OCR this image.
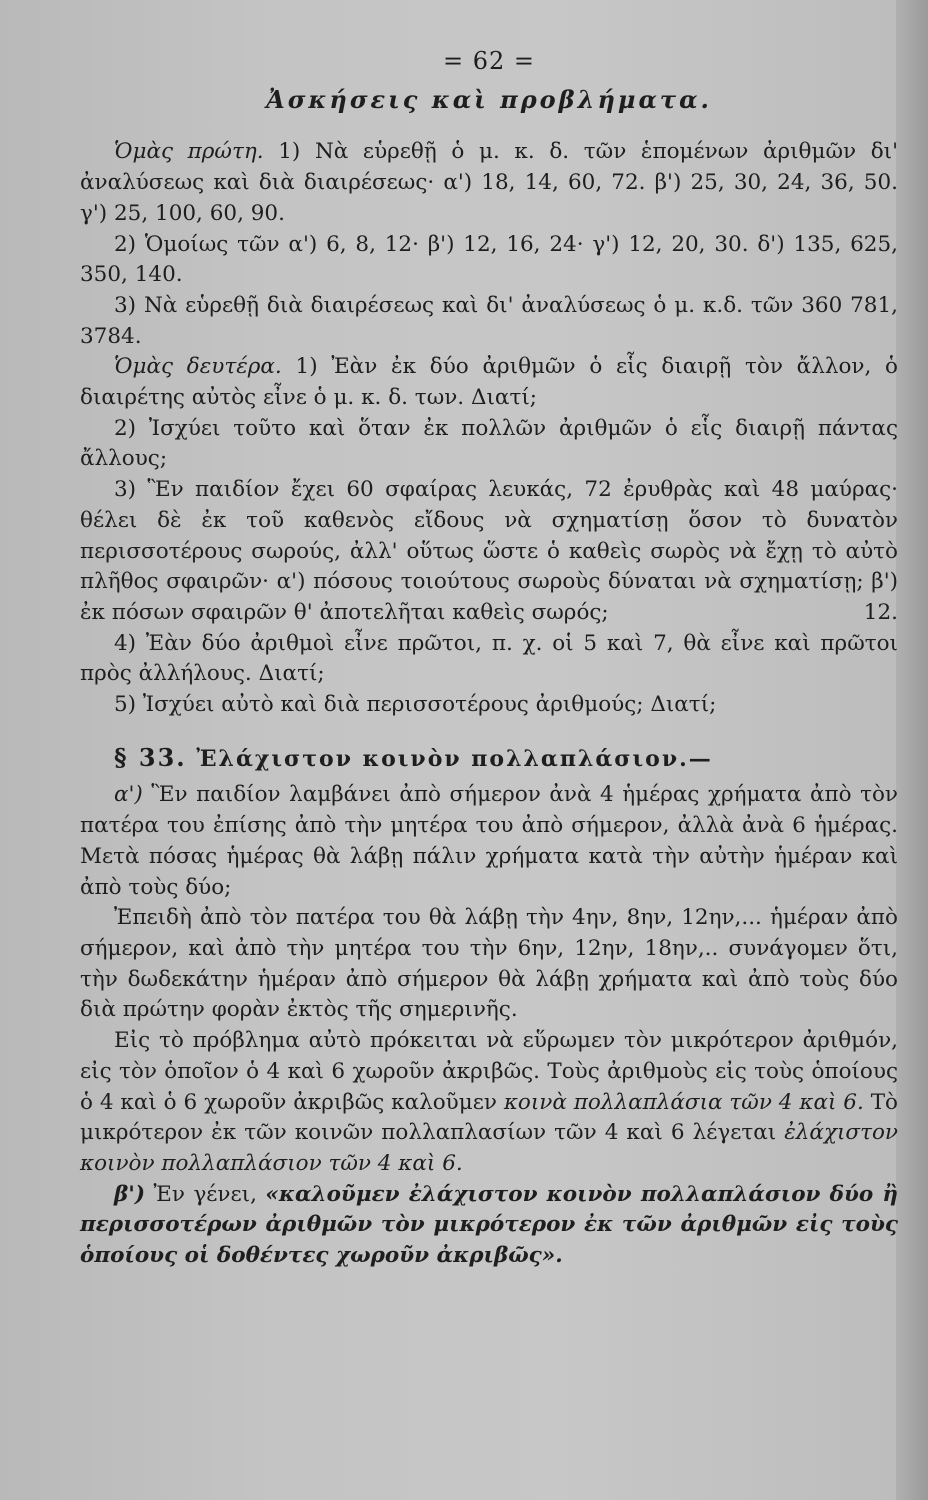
= 62 =
Ἀσκήσεις καὶ προβλήματα.

Ὁμὰς πρώτη. 1) Νὰ εὑρεθῇ ὁ μ. κ. δ. τῶν ἑπομένων ἀριθμῶν δι' ἀναλύσεως καὶ διὰ διαιρέσεως· α') 18, 14, 60, 72. β') 25, 30, 24, 36, 50. γ') 25, 100, 60, 90.

2) Ὁμοίως τῶν α') 6, 8, 12· β') 12, 16, 24· γ') 12, 20, 30. δ') 135, 625, 350, 140.

3) Νὰ εὑρεθῇ διὰ διαιρέσεως καὶ δι' ἀναλύσεως ὁ μ. κ.δ. τῶν 360 781, 3784.

Ὁμὰς δευτέρα. 1) Ἐὰν ἐκ δύο ἀριθμῶν ὁ εἷς διαιρῇ τὸν ἄλλον, ὁ διαιρέτης αὐτὸς εἶνε ὁ μ. κ. δ. των. Διατί;

2) Ἰσχύει τοῦτο καὶ ὅταν ἐκ πολλῶν ἀριθμῶν ὁ εἷς διαιρῇ πάντας ἄλλους;

3) Ἓν παιδίον ἔχει 60 σφαίρας λευκάς, 72 ἐρυθρὰς καὶ 48 μαύρας· θέλει δὲ ἐκ τοῦ καθενὸς εἴδους νὰ σχηματίσῃ ὅσον τὸ δυνατὸν περισσοτέρους σωρούς, ἀλλ' οὕτως ὥστε ὁ καθεὶς σωρὸς νὰ ἔχῃ τὸ αὐτὸ πλῆθος σφαιρῶν· α') πόσους τοιούτους σωροὺς δύναται νὰ σχηματίσῃ; β') ἐκ πόσων σφαιρῶν θ' ἀποτελῆται καθεὶς σωρός;	12.

4) Ἐὰν δύο ἀριθμοὶ εἶνε πρῶτοι, π. χ. οἱ 5 καὶ 7, θὰ εἶνε καὶ πρῶτοι πρὸς ἀλλήλους. Διατί;

5) Ἰσχύει αὐτὸ καὶ διὰ περισσοτέρους ἀριθμούς; Διατί;

§ 33. Ἐλάχιστον κοινὸν πολλαπλάσιον.—

α') Ἓν παιδίον λαμβάνει ἀπὸ σήμερον ἀνὰ 4 ἡμέρας χρήματα ἀπὸ τὸν πατέρα του ἐπίσης ἀπὸ τὴν μητέρα του ἀπὸ σήμερον, ἀλλὰ ἀνὰ 6 ἡμέρας. Μετὰ πόσας ἡμέρας θὰ λάβῃ πάλιν χρήματα κατὰ τὴν αὐτὴν ἡμέραν καὶ ἀπὸ τοὺς δύο;

Ἐπειδὴ ἀπὸ τὸν πατέρα του θὰ λάβῃ τὴν 4ην, 8ην, 12ην,... ἡμέραν ἀπὸ σήμερον, καὶ ἀπὸ τὴν μητέρα του τὴν 6ην, 12ην, 18ην,.. συνάγομεν ὅτι, τὴν δωδεκάτην ἡμέραν ἀπὸ σήμερον θὰ λάβῃ χρήματα καὶ ἀπὸ τοὺς δύο διὰ πρώτην φορὰν ἐκτὸς τῆς σημερινῆς.

Εἰς τὸ πρόβλημα αὐτὸ πρόκειται νὰ εὕρωμεν τὸν μικρότερον ἀριθμόν, εἰς τὸν ὁποῖον ὁ 4 καὶ 6 χωροῦν ἀκριβῶς. Τοὺς ἀριθμοὺς εἰς τοὺς ὁποίους ὁ 4 καὶ ὁ 6 χωροῦν ἀκριβῶς καλοῦμεν κοινὰ πολλαπλάσια τῶν 4 καὶ 6. Τὸ μικρότερον ἐκ τῶν κοινῶν πολλαπλασίων τῶν 4 καὶ 6 λέγεται ἐλάχιστον κοινὸν πολλαπλάσιον τῶν 4 καὶ 6.

β') Ἐν γένει, «καλοῦμεν ἐλάχιστον κοινὸν πολλαπλάσιον δύο ἢ περισσοτέρων ἀριθμῶν τὸν μικρότερον ἐκ τῶν ἀριθμῶν εἰς τοὺς ὁποίους οἱ δοθέντες χωροῦν ἀκριβῶς».
